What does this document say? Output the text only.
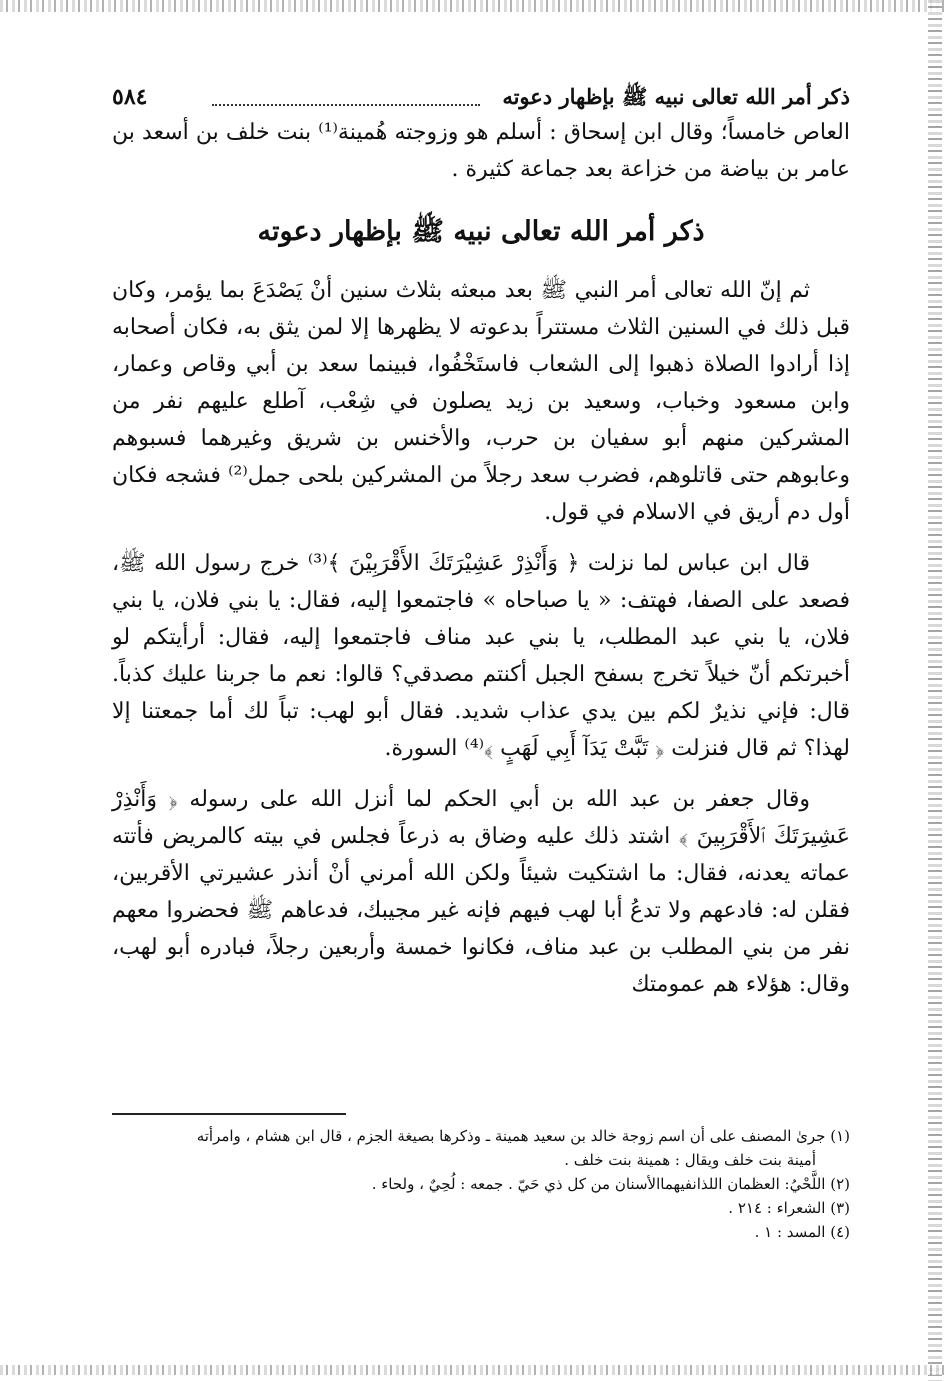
ذكر أمر الله تعالى نبيه ﷺ بإظهار دعوته
٥٨٤

العاص خامساً؛ وقال ابن إسحاق : أسلم هو وزوجته هُمينة⁽¹⁾ بنت خلف بن أسعد بن عامر بن بياضة من خزاعة بعد جماعة كثيرة .

ذكر أمر الله تعالى نبيه ﷺ بإظهار دعوته

ثم إنّ الله تعالى أمر النبي ﷺ بعد مبعثه بثلاث سنين أنْ يَصْدَعَ بما يؤمر، وكان قبل ذلك في السنين الثلاث مستتراً بدعوته لا يظهرها إلا لمن يثق به، فكان أصحابه إذا أرادوا الصلاة ذهبوا إلى الشعاب فاستَخْفُوا، فبينما سعد بن أبي وقاص وعمار، وابن مسعود وخباب، وسعيد بن زيد يصلون في شِعْب، آطلع عليهم نفر من المشركين منهم أبو سفيان بن حرب، والأخنس بن شريق وغيرهما فسبوهم وعابوهم حتى قاتلوهم، فضرب سعد رجلاً من المشركين بلحى جمل⁽²⁾ فشجه فكان أول دم أريق في الاسلام في قول.

قال ابن عباس لما نزلت ﴿ وَأَنْذِرْ عَشِيْرَتَكَ الأَقْرَبِيْنَ ﴾⁽³⁾ خرج رسول الله ﷺ، فصعد على الصفا، فهتف: « يا صباحاه » فاجتمعوا إليه، فقال: يا بني فلان، يا بني فلان، يا بني عبد المطلب، يا بني عبد مناف فاجتمعوا إليه، فقال: أرأيتكم لو أخبرتكم أنّ خيلاً تخرج بسفح الجبل أكنتم مصدقي؟ قالوا: نعم ما جربنا عليك كذباً. قال: فإني نذيرٌ لكم بين يدي عذاب شديد. فقال أبو لهب: تباً لك أما جمعتنا إلا لهذا؟ ثم قال فنزلت ﴿ تَبَّتْ يَدَآ أَبِي لَهَبٍ ﴾⁽⁴⁾ السورة.

وقال جعفر بن عبد الله بن أبي الحكم لما أنزل الله على رسوله ﴿ وَأَنْذِرْ عَشِيرَتَكَ ٱلأَقْرَبِينَ ﴾ اشتد ذلك عليه وضاق به ذرعاً فجلس في بيته كالمريض فأتته عماته يعدنه، فقال: ما اشتكيت شيئاً ولكن الله أمرني أنْ أنذر عشيرتي الأقربين، فقلن له: فادعهم ولا تدعُ أبا لهب فيهم فإنه غير مجيبك، فدعاهم ﷺ فحضروا معهم نفر من بني المطلب بن عبد مناف، فكانوا خمسة وأربعين رجلاً، فبادره أبو لهب، وقال: هؤلاء هم عمومتك

(١) جرىٰ المصنف على أن اسم زوجة خالد بن سعيد همينة ـ وذكرها بصيغة الجزم ، قال ابن هشام ، وامرأته
أمينة بنت خلف ويقال : همينة بنت خلف .
(٢) اللَّحْيُ: العظمان اللذانفيهماالأسنان من كل ذي حَيّ . جمعه : لُحِيٌ ، ولحاء .
(٣) الشعراء : ٢١٤ .
(٤) المسد : ١ .
